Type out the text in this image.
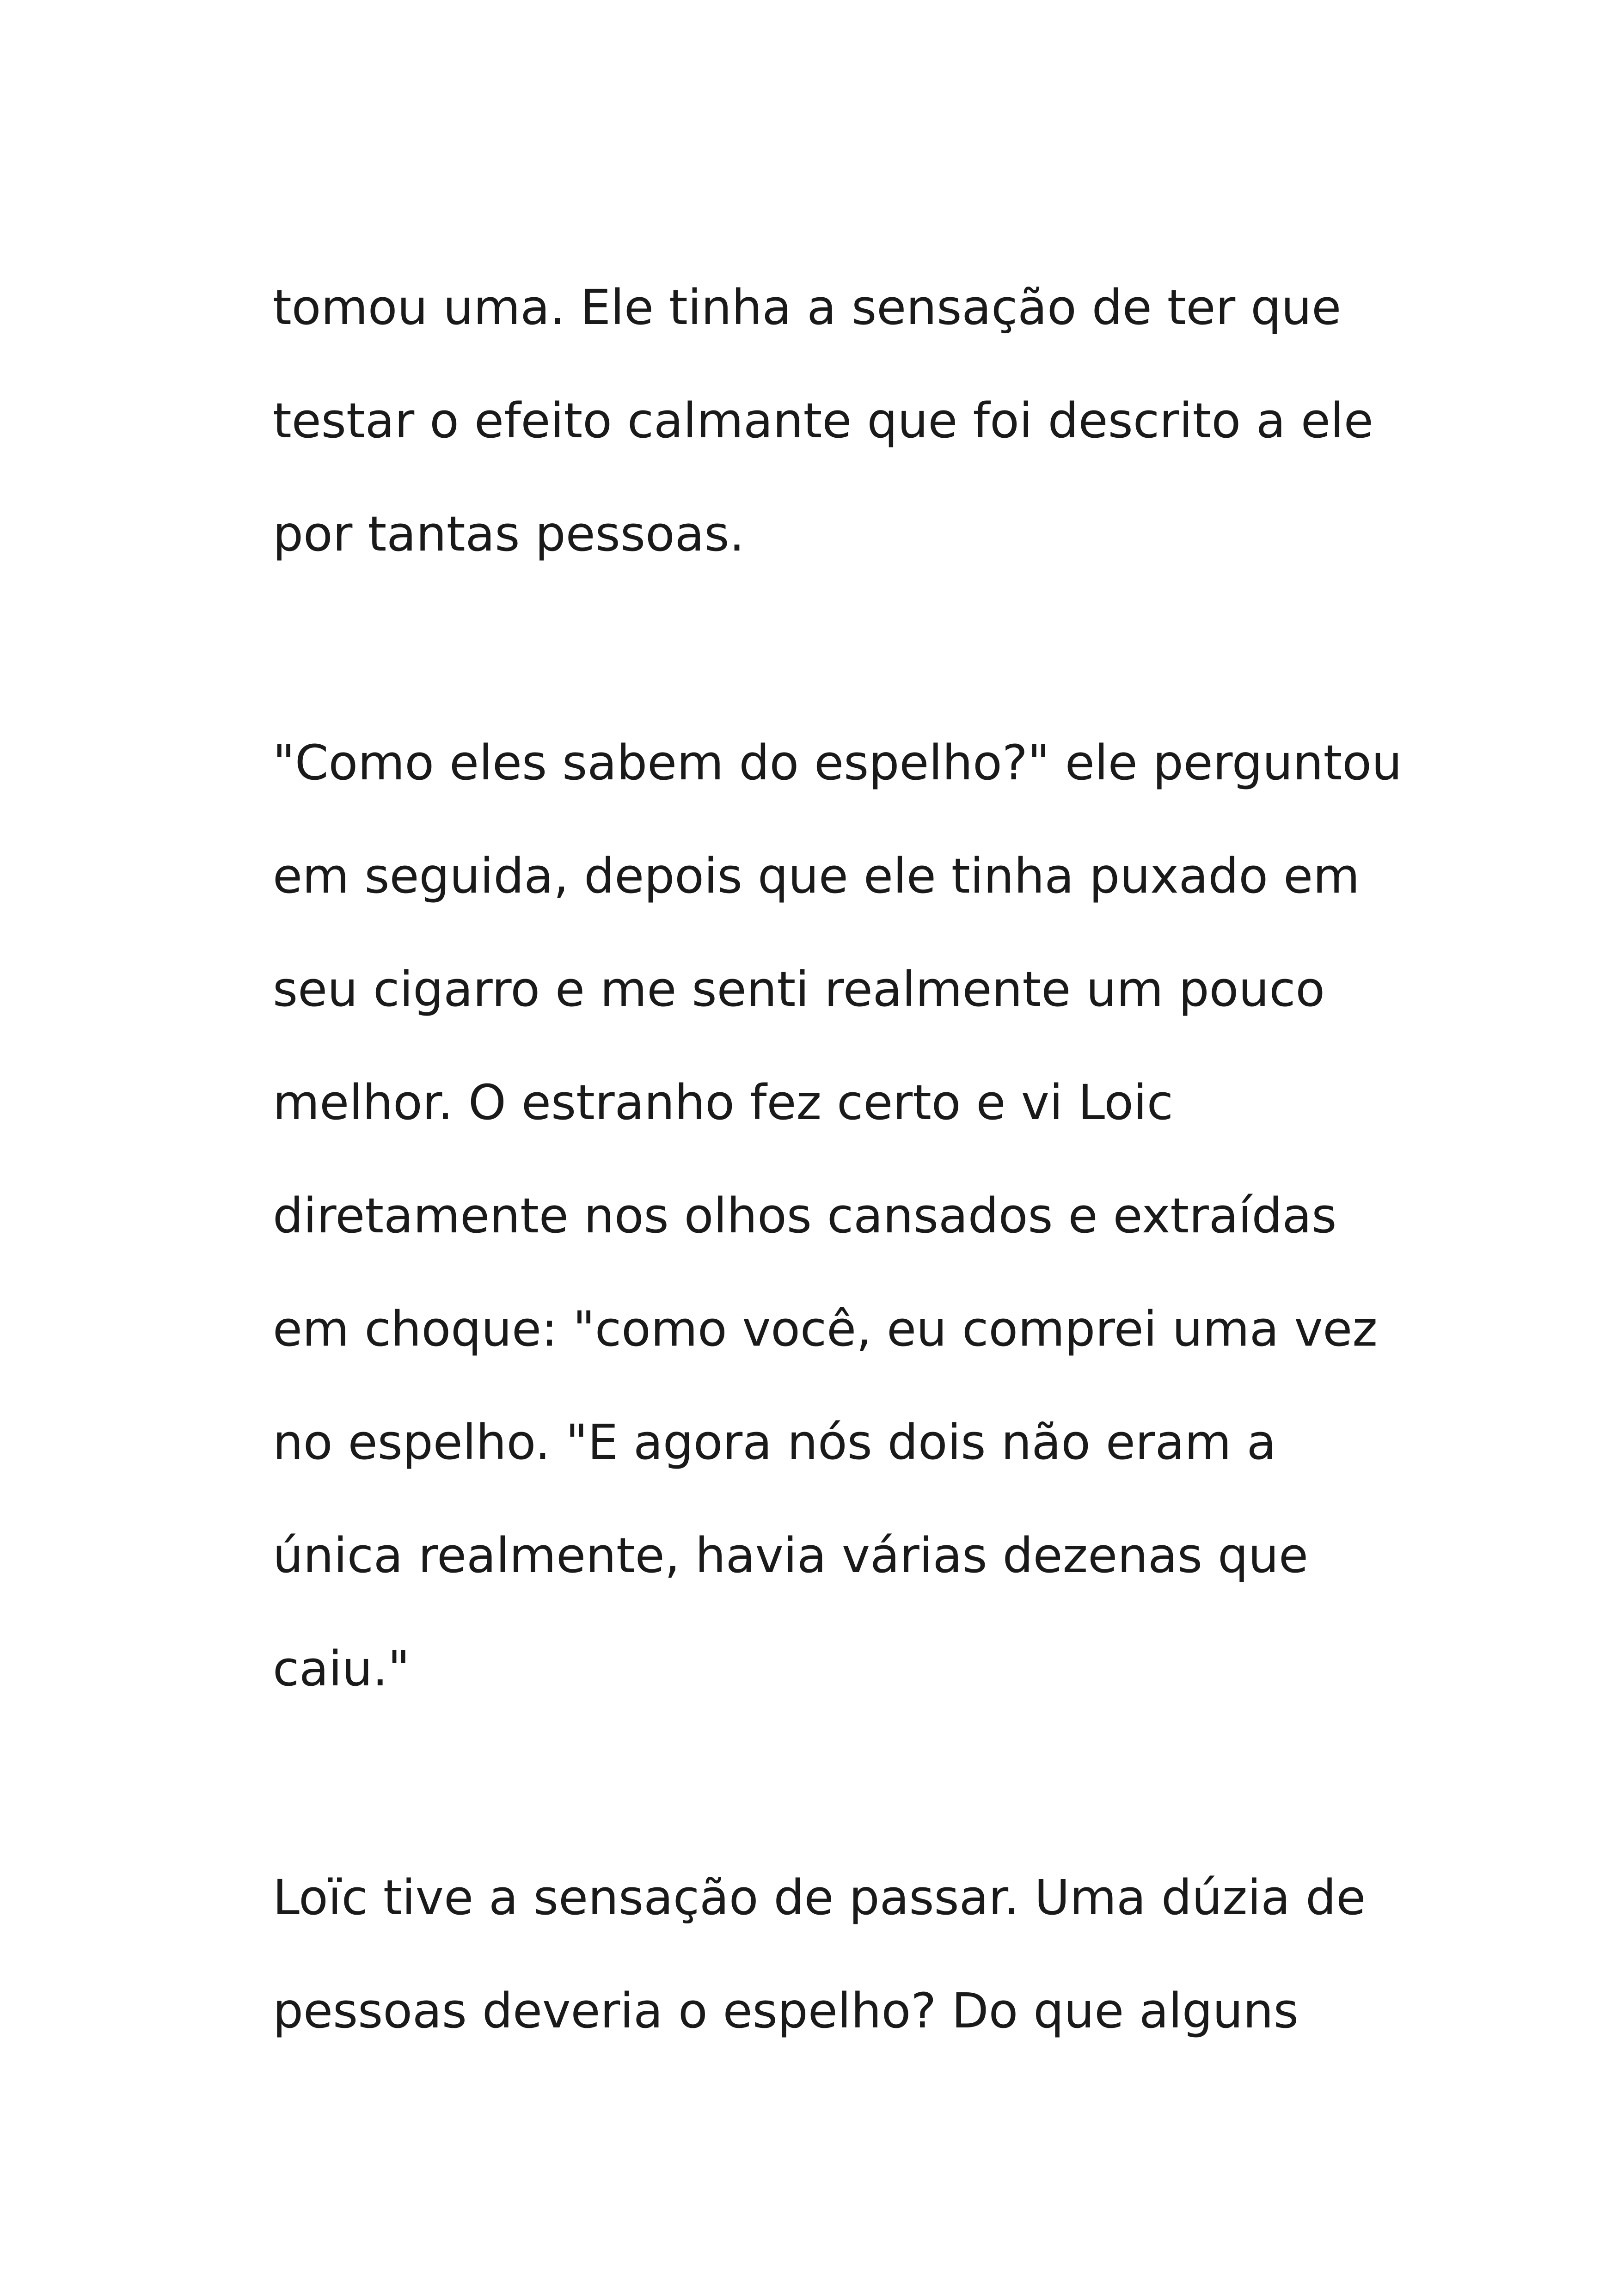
tomou uma. Ele tinha a sensação de ter que
testar o efeito calmante que foi descrito a ele
por tantas pessoas.
"Como eles sabem do espelho?" ele perguntou
em seguida, depois que ele tinha puxado em
seu cigarro e me senti realmente um pouco
melhor. O estranho fez certo e vi Loic
diretamente nos olhos cansados e extraídas
em choque: "como você, eu comprei uma vez
no espelho. "E agora nós dois não eram a
única realmente, havia várias dezenas que
caiu."
Loïc tive a sensação de passar. Uma dúzia de
pessoas deveria o espelho? Do que alguns
